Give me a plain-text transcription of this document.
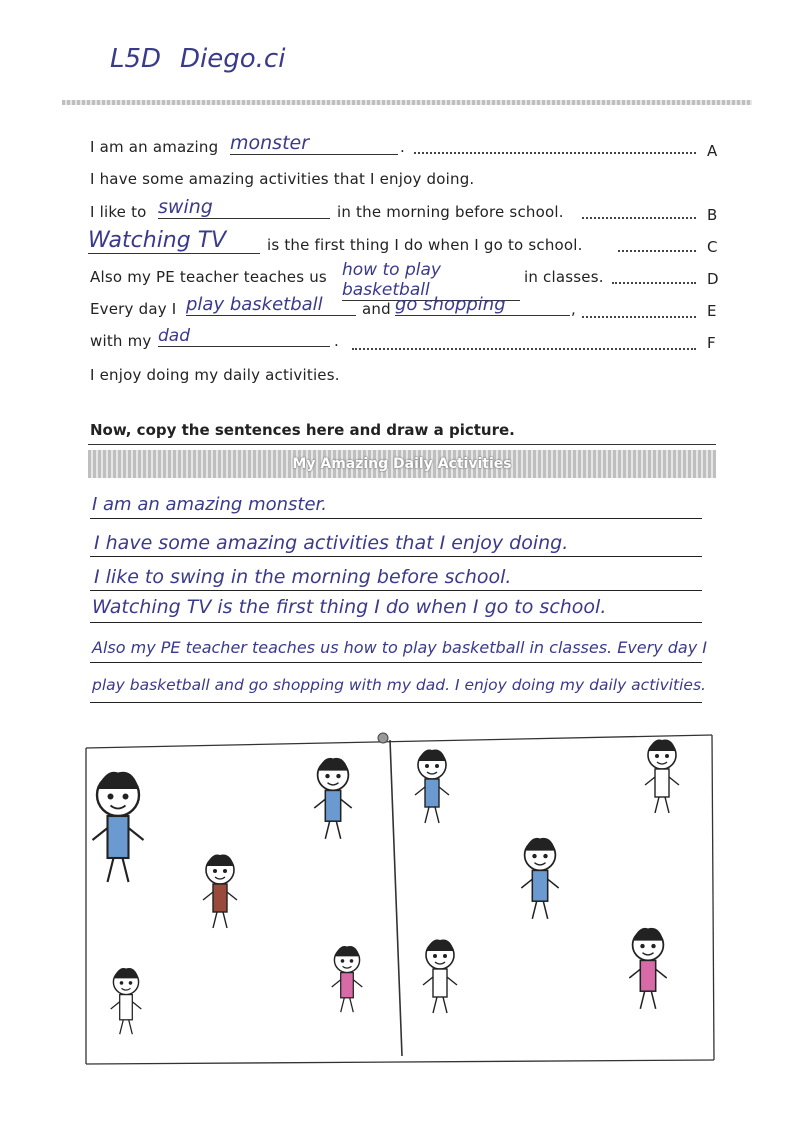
L5D Diego.ci
I am an amazing monster	.	A
I have some amazing activities that I enjoy doing.
I like to swing	in the morning before school.	B
Watching TV	is the first thing I do when I go to school.	C
Also my PE teacher teaches us how to play basketball
in classes.	D
Every day I play basketball	and go shopping	,	E
with my dad	.	F
I enjoy doing my daily activities.
Now, copy the sentences here and draw a picture.
My Amazing Daily Activities
I am an amazing monster.
I have some amazing activities that I enjoy doing.
I like to swing in the morning before school.
Watching TV is the first thing I do when I go to school.
Also my PE teacher teaches us how to play basketball in classes. Every day I
play basketball and go shopping with my dad. I enjoy doing my daily activities.
